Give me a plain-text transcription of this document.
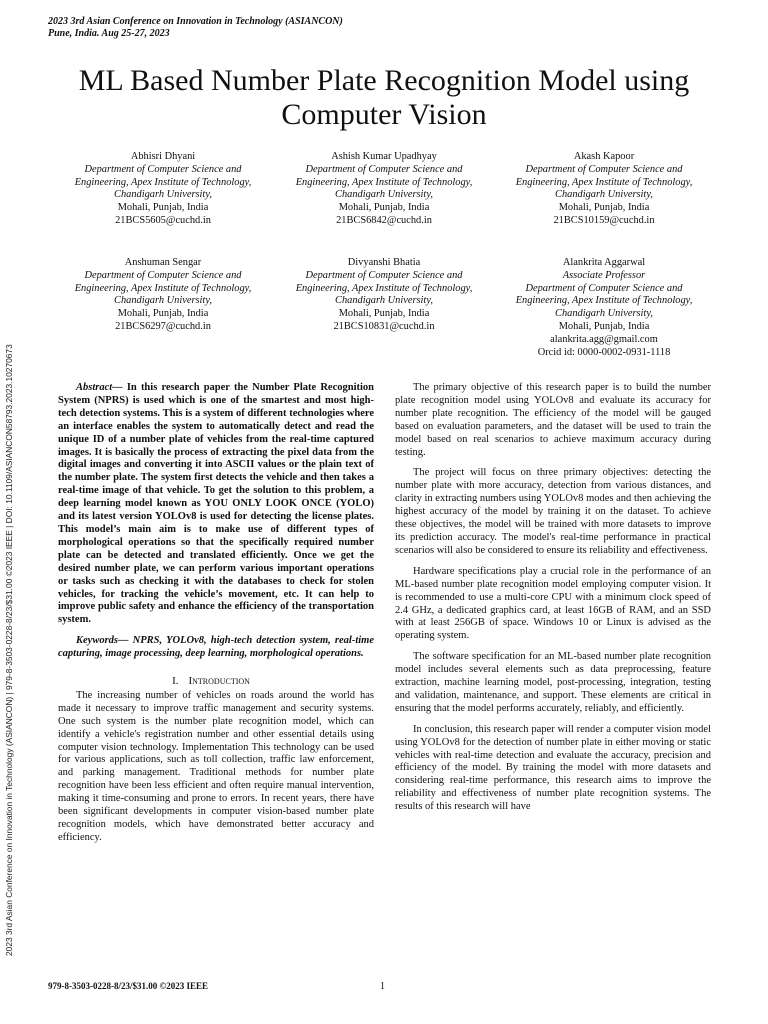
2023 3rd Asian Conference on Innovation in Technology (ASIANCON)
Pune, India. Aug 25-27, 2023
ML Based Number Plate Recognition Model using
Computer Vision
Abhisri Dhyani
Department of Computer Science and Engineering, Apex Institute of Technology, Chandigarh University,
Mohali, Punjab, India
21BCS5605@cuchd.in
Ashish Kumar Upadhyay
Department of Computer Science and Engineering, Apex Institute of Technology, Chandigarh University,
Mohali, Punjab, India
21BCS6842@cuchd.in
Akash Kapoor
Department of Computer Science and Engineering, Apex Institute of Technology, Chandigarh University,
Mohali, Punjab, India
21BCS10159@cuchd.in
Anshuman Sengar
Department of Computer Science and Engineering, Apex Institute of Technology, Chandigarh University,
Mohali, Punjab, India
21BCS6297@cuchd.in
Divyanshi Bhatia
Department of Computer Science and Engineering, Apex Institute of Technology, Chandigarh University,
Mohali, Punjab, India
21BCS10831@cuchd.in
Alankrita Aggarwal
Associate Professor
Department of Computer Science and Engineering, Apex Institute of Technology, Chandigarh University,
Mohali, Punjab, India
alankrita.agg@gmail.com
Orcid id: 0000-0002-0931-1118
2023 3rd Asian Conference on Innovation in Technology (ASIANCON) | 979-8-3503-0228-8/23/$31.00 ©2023 IEEE | DOI: 10.1109/ASIANCON58793.2023.10270673	Abstract— In this research paper the Number Plate Recognition System (NPRS) is used which is one of the smartest and most high-tech detection systems. This is a system of different technologies where an interface enables the system to automatically detect and read the unique ID of a number plate of vehicles from the real-time captured images. It is basically the process of extracting the pixel data from the digital images and converting it into ASCII values or the plain text of the number plate. The system first detects the vehicle and then takes a real-time image of that vehicle. To get the solution to this problem, a deep learning model known as YOU ONLY LOOK ONCE (YOLO) and its latest version YOLOv8 is used for detecting the license plates. This model’s main aim is to make use of different types of morphological operations so that the specifically required number plate can be detected and translated efficiently. Once we get the desired number plate, we can perform various important operations or tasks such as checking it with the databases to check for stolen vehicles, for tracking the vehicle’s movement, etc. It can help to improve public safety and enhance the efficiency of the transportation system.

Keywords— NPRS, YOLOv8, high-tech detection system, real-time capturing, image processing, deep learning, morphological operations.

I. Introduction

The increasing number of vehicles on roads around the world has made it necessary to improve traffic management and security systems. One such system is the number plate recognition model, which can identify a vehicle's registration number and other essential details using computer vision technology. Implementation This technology can be used for various applications, such as toll collection, traffic law enforcement, and parking management. Traditional methods for number plate recognition have been less efficient and often require manual intervention, making it time-consuming and prone to errors. In recent years, there have been significant developments in computer vision-based number plate recognition models, which have demonstrated better accuracy and efficiency.

The primary objective of this research paper is to build the number plate recognition model using YOLOv8 and evaluate its accuracy for number plate recognition. The efficiency of the model will be gauged based on evaluation parameters, and the dataset will be used to train the model based on real scenarios to achieve maximum accuracy during testing.

The project will focus on three primary objectives: detecting the number plate with more accuracy, detection from various distances, and clarity in extracting numbers using YOLOv8 modes and then achieving the highest accuracy of the model by training it on the dataset. To achieve these objectives, the model will be trained with more datasets to improve its prediction accuracy. The model's real-time performance in practical scenarios will also be considered to ensure its reliability and effectiveness.

Hardware specifications play a crucial role in the performance of an ML-based number plate recognition model employing computer vision. It is recommended to use a multi-core CPU with a minimum clock speed of 2.4 GHz, a dedicated graphics card, at least 16GB of RAM, and an SSD with at least 256GB of space. Windows 10 or Linux is advised as the operating system.

The software specification for an ML-based number plate recognition model includes several elements such as data preprocessing, feature extraction, machine learning model, post-processing, integration, testing and validation, maintenance, and support. These elements are critical in ensuring that the model performs accurately, reliably, and efficiently.

In conclusion, this research paper will render a computer vision model using YOLOv8 for the detection of number plate in either moving or static vehicles with real-time detection and evaluate the accuracy, precision and efficiency of the model. By training the model with more datasets and considering real-time performance, this research aims to improve the reliability and effectiveness of number plate recognition systems. The results of this research will have

979-8-3503-0228-8/23/$31.00 ©2023 IEEE	1
